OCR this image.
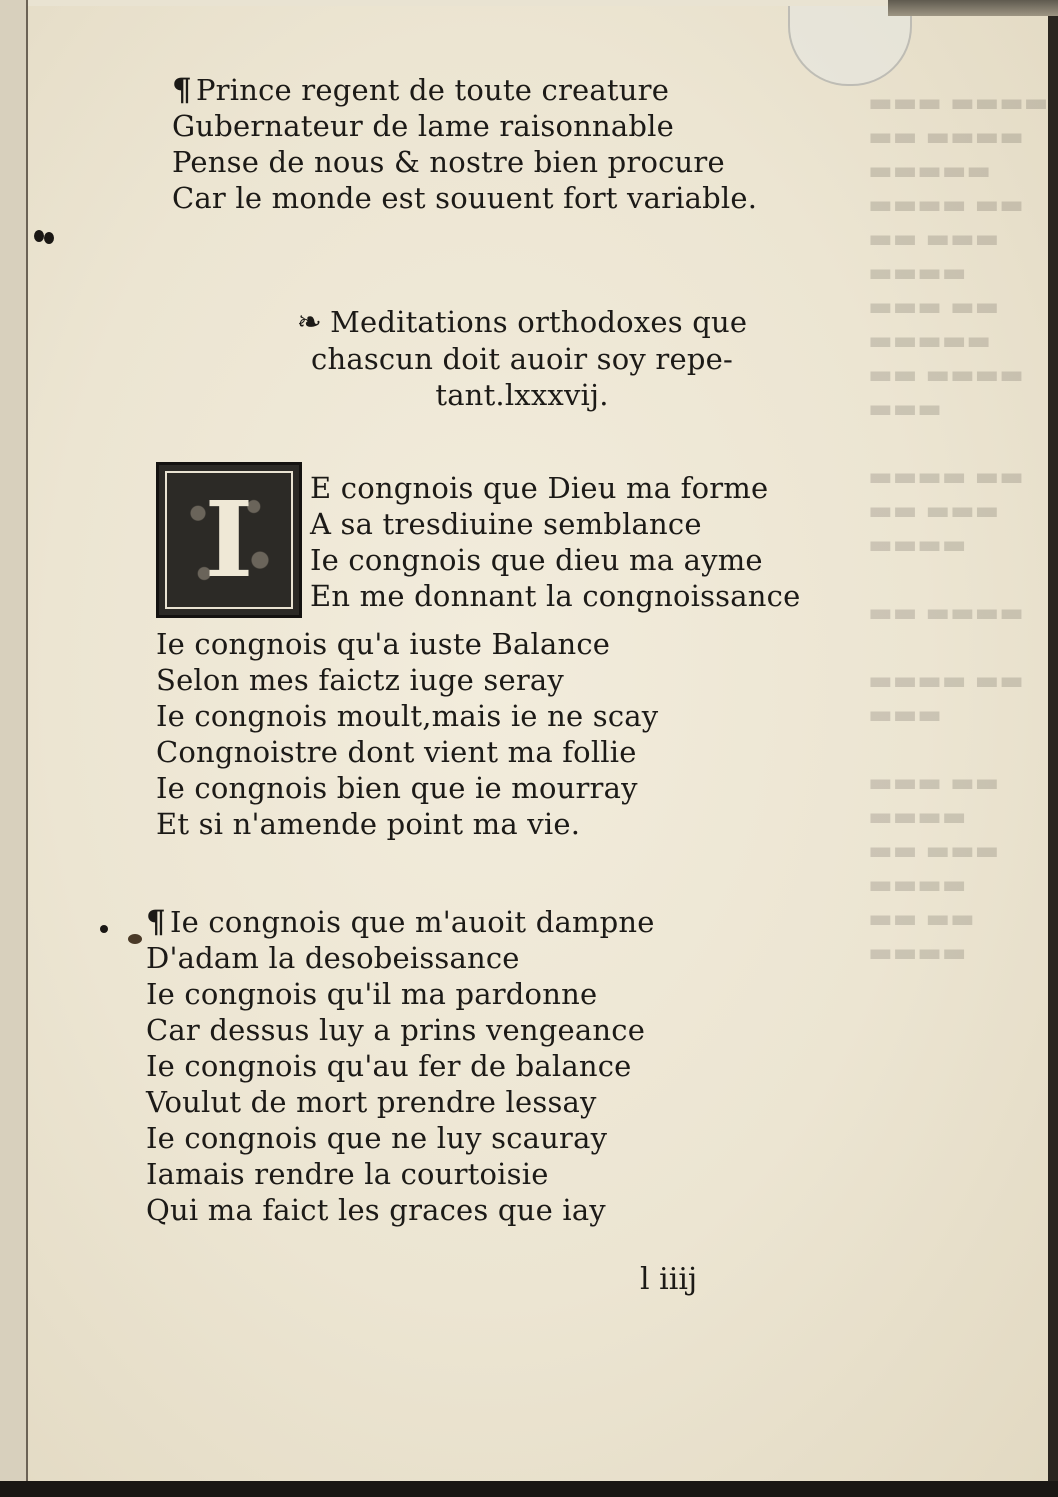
▬▬▬ ▬▬▬▬
▬▬ ▬▬▬▬
▬▬▬▬▬
▬▬▬▬ ▬▬
▬▬ ▬▬▬
▬▬▬▬
▬▬▬ ▬▬
▬▬▬▬▬
▬▬ ▬▬▬▬
▬▬▬

▬▬▬▬ ▬▬
▬▬ ▬▬▬
▬▬▬▬

▬▬ ▬▬▬▬

▬▬▬▬ ▬▬
▬▬▬

▬▬▬ ▬▬
▬▬▬▬
▬▬ ▬▬▬
▬▬▬▬
▬▬ ▬▬
▬▬▬▬
¶ Prince regent de toute creature
Gubernateur de lame raisonnable
Pense de nous & nostre bien procure
Car le monde est souuent fort variable.
❧ Meditations orthodoxes que
chascun doit auoir soy repe-
tant.lxxxvij.
I E congnois que Dieu ma forme
A sa tresdiuine semblance
Ie congnois que dieu ma ayme
En me donnant la congnoissance
Ie congnois qu'a iuste Balance
Selon mes faictz iuge seray
Ie congnois moult,mais ie ne scay
Congnoistre dont vient ma follie
Ie congnois bien que ie mourray
Et si n'amende point ma vie.
¶ Ie congnois que m'auoit dampne
D'adam la desobeissance
Ie congnois qu'il ma pardonne
Car dessus luy a prins vengeance
Ie congnois qu'au fer de balance
Voulut de mort prendre lessay
Ie congnois que ne luy scauray
Iamais rendre la courtoisie
Qui ma faict les graces que iay
l iiij
